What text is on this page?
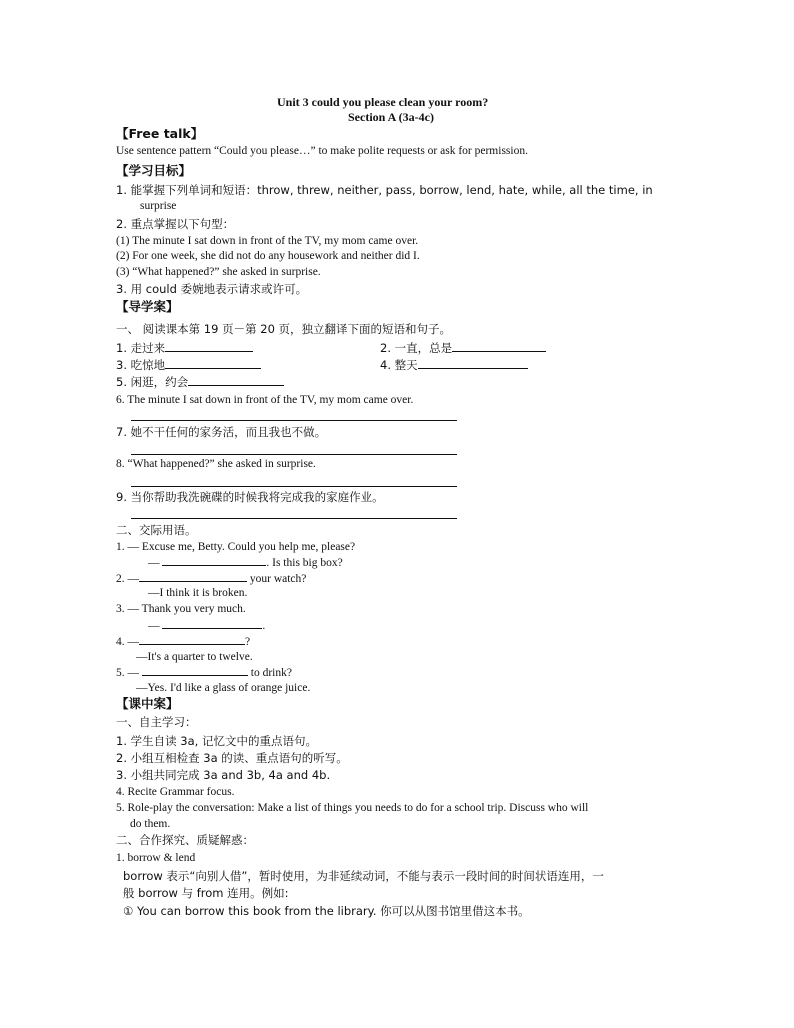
Unit 3 could you please clean your room?
Section A (3a-4c)
【Free talk】
Use sentence pattern “Could you please…” to make polite requests or ask for permission.
【学习目标】
1. 能掌握下列单词和短语：throw, threw, neither, pass, borrow, lend, hate, while, all the time, in
surprise
2. 重点掌握以下句型：
(1) The minute I sat down in front of the TV, my mom came over.
(2) For one week, she did not do any housework and neither did I.
(3) “What happened?” she asked in surprise.
3. 用 could 委婉地表示请求或许可。
【导学案】
一、 阅读课本第 19 页－第 20 页，独立翻译下面的短语和句子。
1. 走过来	2. 一直，总是
3. 吃惊地	4. 整天
5. 闲逛，约会
6. The minute I sat down in front of the TV, my mom came over.
7. 她不干任何的家务活，而且我也不做。
8. “What happened?” she asked in surprise.
9. 当你帮助我洗碗碟的时候我将完成我的家庭作业。
二、交际用语。
1. — Excuse me, Betty. Could you help me, please?
—	. Is this big box?
2. —	your watch?
—I think it is broken.
3. — Thank you very much.
—	.
4. —	?
—It's a quarter to twelve.
5. —	to drink?
—Yes. I'd like a glass of orange juice.
【课中案】
一、自主学习：
1. 学生自读 3a, 记忆文中的重点语句。
2. 小组互相检查 3a 的读、重点语句的听写。
3. 小组共同完成 3a and 3b, 4a and 4b.
4. Recite Grammar focus.
5. Role-play the conversation: Make a list of things you needs to do for a school trip. Discuss who will
do them.
二、合作探究、质疑解惑：
1. borrow & lend
borrow 表示“向别人借”，暂时使用，为非延续动词，不能与表示一段时间的时间状语连用，一
般 borrow 与 from 连用。例如:
① You can borrow this book from the library. 你可以从图书馆里借这本书。
